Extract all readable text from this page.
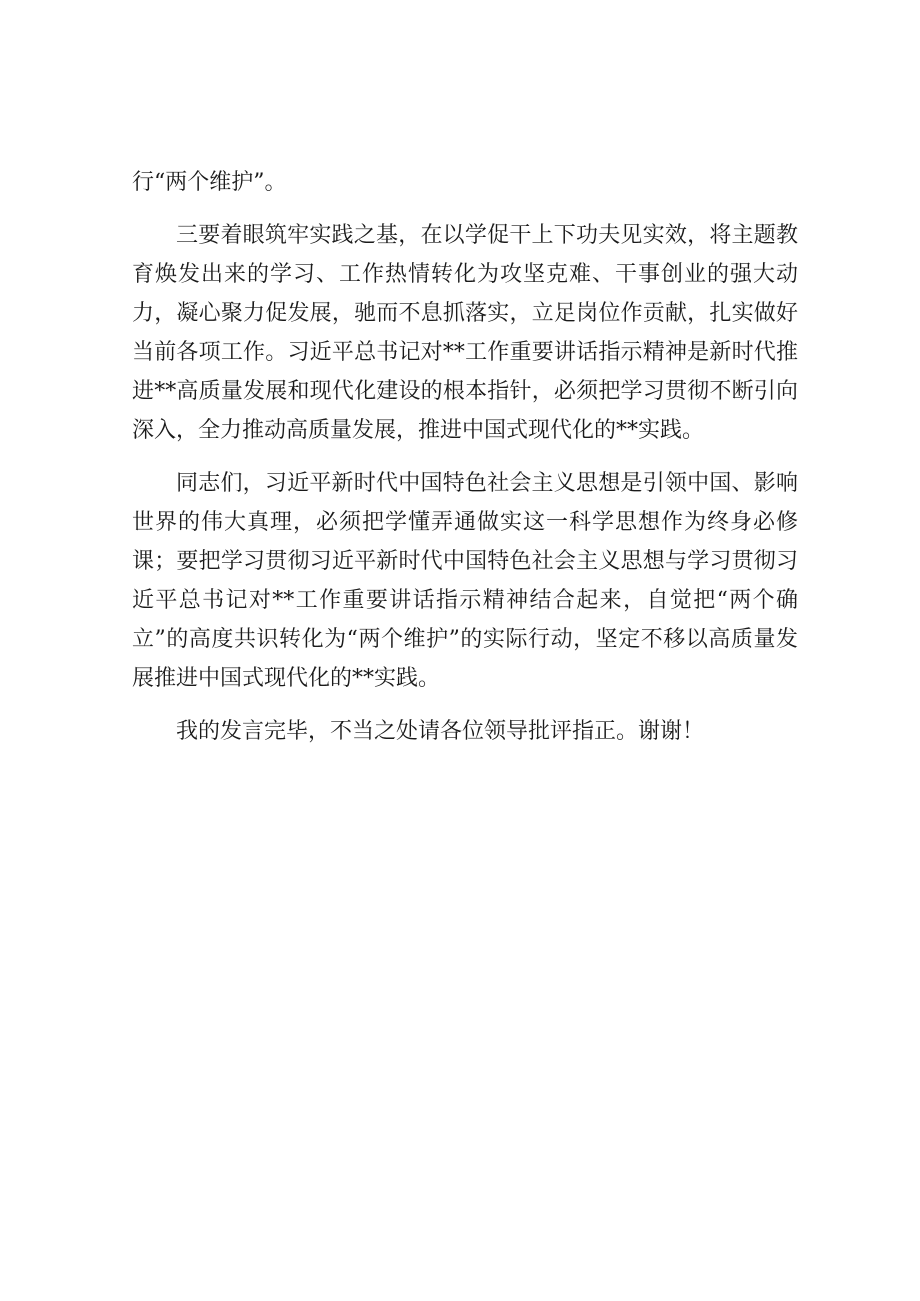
行“两个维护”。

三要着眼筑牢实践之基，在以学促干上下功夫见实效，将主题教育焕发出来的学习、工作热情转化为攻坚克难、干事创业的强大动力，凝心聚力促发展，驰而不息抓落实，立足岗位作贡献，扎实做好当前各项工作。习近平总书记对**工作重要讲话指示精神是新时代推进**高质量发展和现代化建设的根本指针，必须把学习贯彻不断引向深入，全力推动高质量发展，推进中国式现代化的**实践。

同志们，习近平新时代中国特色社会主义思想是引领中国、影响世界的伟大真理，必须把学懂弄通做实这一科学思想作为终身必修课；要把学习贯彻习近平新时代中国特色社会主义思想与学习贯彻习近平总书记对**工作重要讲话指示精神结合起来，自觉把“两个确立”的高度共识转化为“两个维护”的实际行动，坚定不移以高质量发展推进中国式现代化的**实践。

我的发言完毕，不当之处请各位领导批评指正。谢谢！
